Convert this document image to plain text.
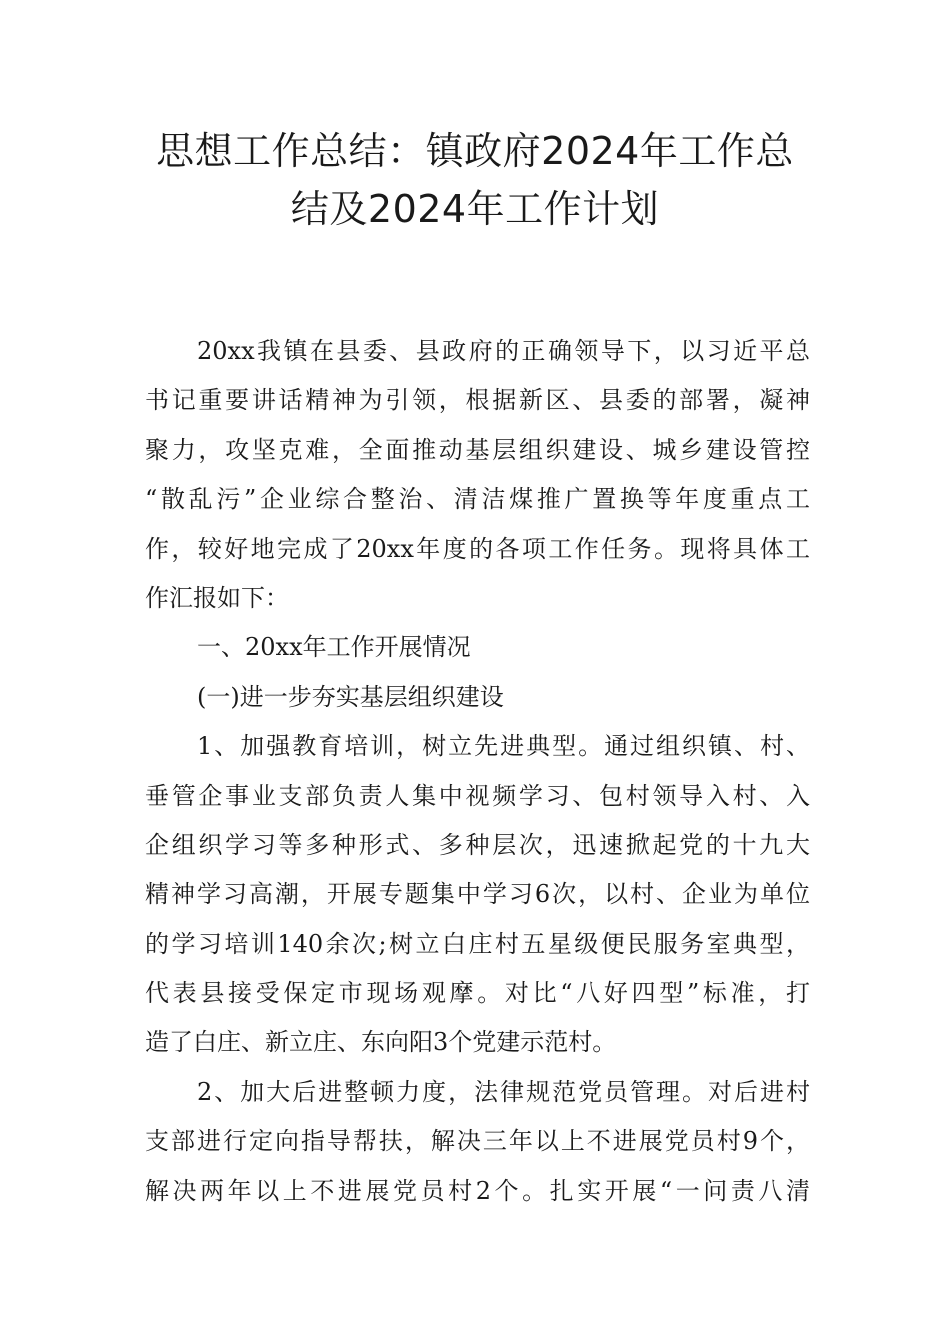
思想工作总结：镇政府2024年工作总
结及2024年工作计划
20xx我镇在县委、县政府的正确领导下，以习近平总
书记重要讲话精神为引领，根据新区、县委的部署，凝神
聚力，攻坚克难，全面推动基层组织建设、城乡建设管控
“散乱污”企业综合整治、清洁煤推广置换等年度重点工
作，较好地完成了20xx年度的各项工作任务。现将具体工
作汇报如下：
一、20xx年工作开展情况
(一)进一步夯实基层组织建设
1、加强教育培训，树立先进典型。通过组织镇、村、
垂管企事业支部负责人集中视频学习、包村领导入村、入
企组织学习等多种形式、多种层次，迅速掀起党的十九大
精神学习高潮，开展专题集中学习6次，以村、企业为单位
的学习培训140余次;树立白庄村五星级便民服务室典型，
代表县接受保定市现场观摩。对比“八好四型”标准，打
造了白庄、新立庄、东向阳3个党建示范村。
2、加大后进整顿力度，法律规范党员管理。对后进村
支部进行定向指导帮扶，解决三年以上不进展党员村9个，
解决两年以上不进展党员村2个。扎实开展“一问责八清
